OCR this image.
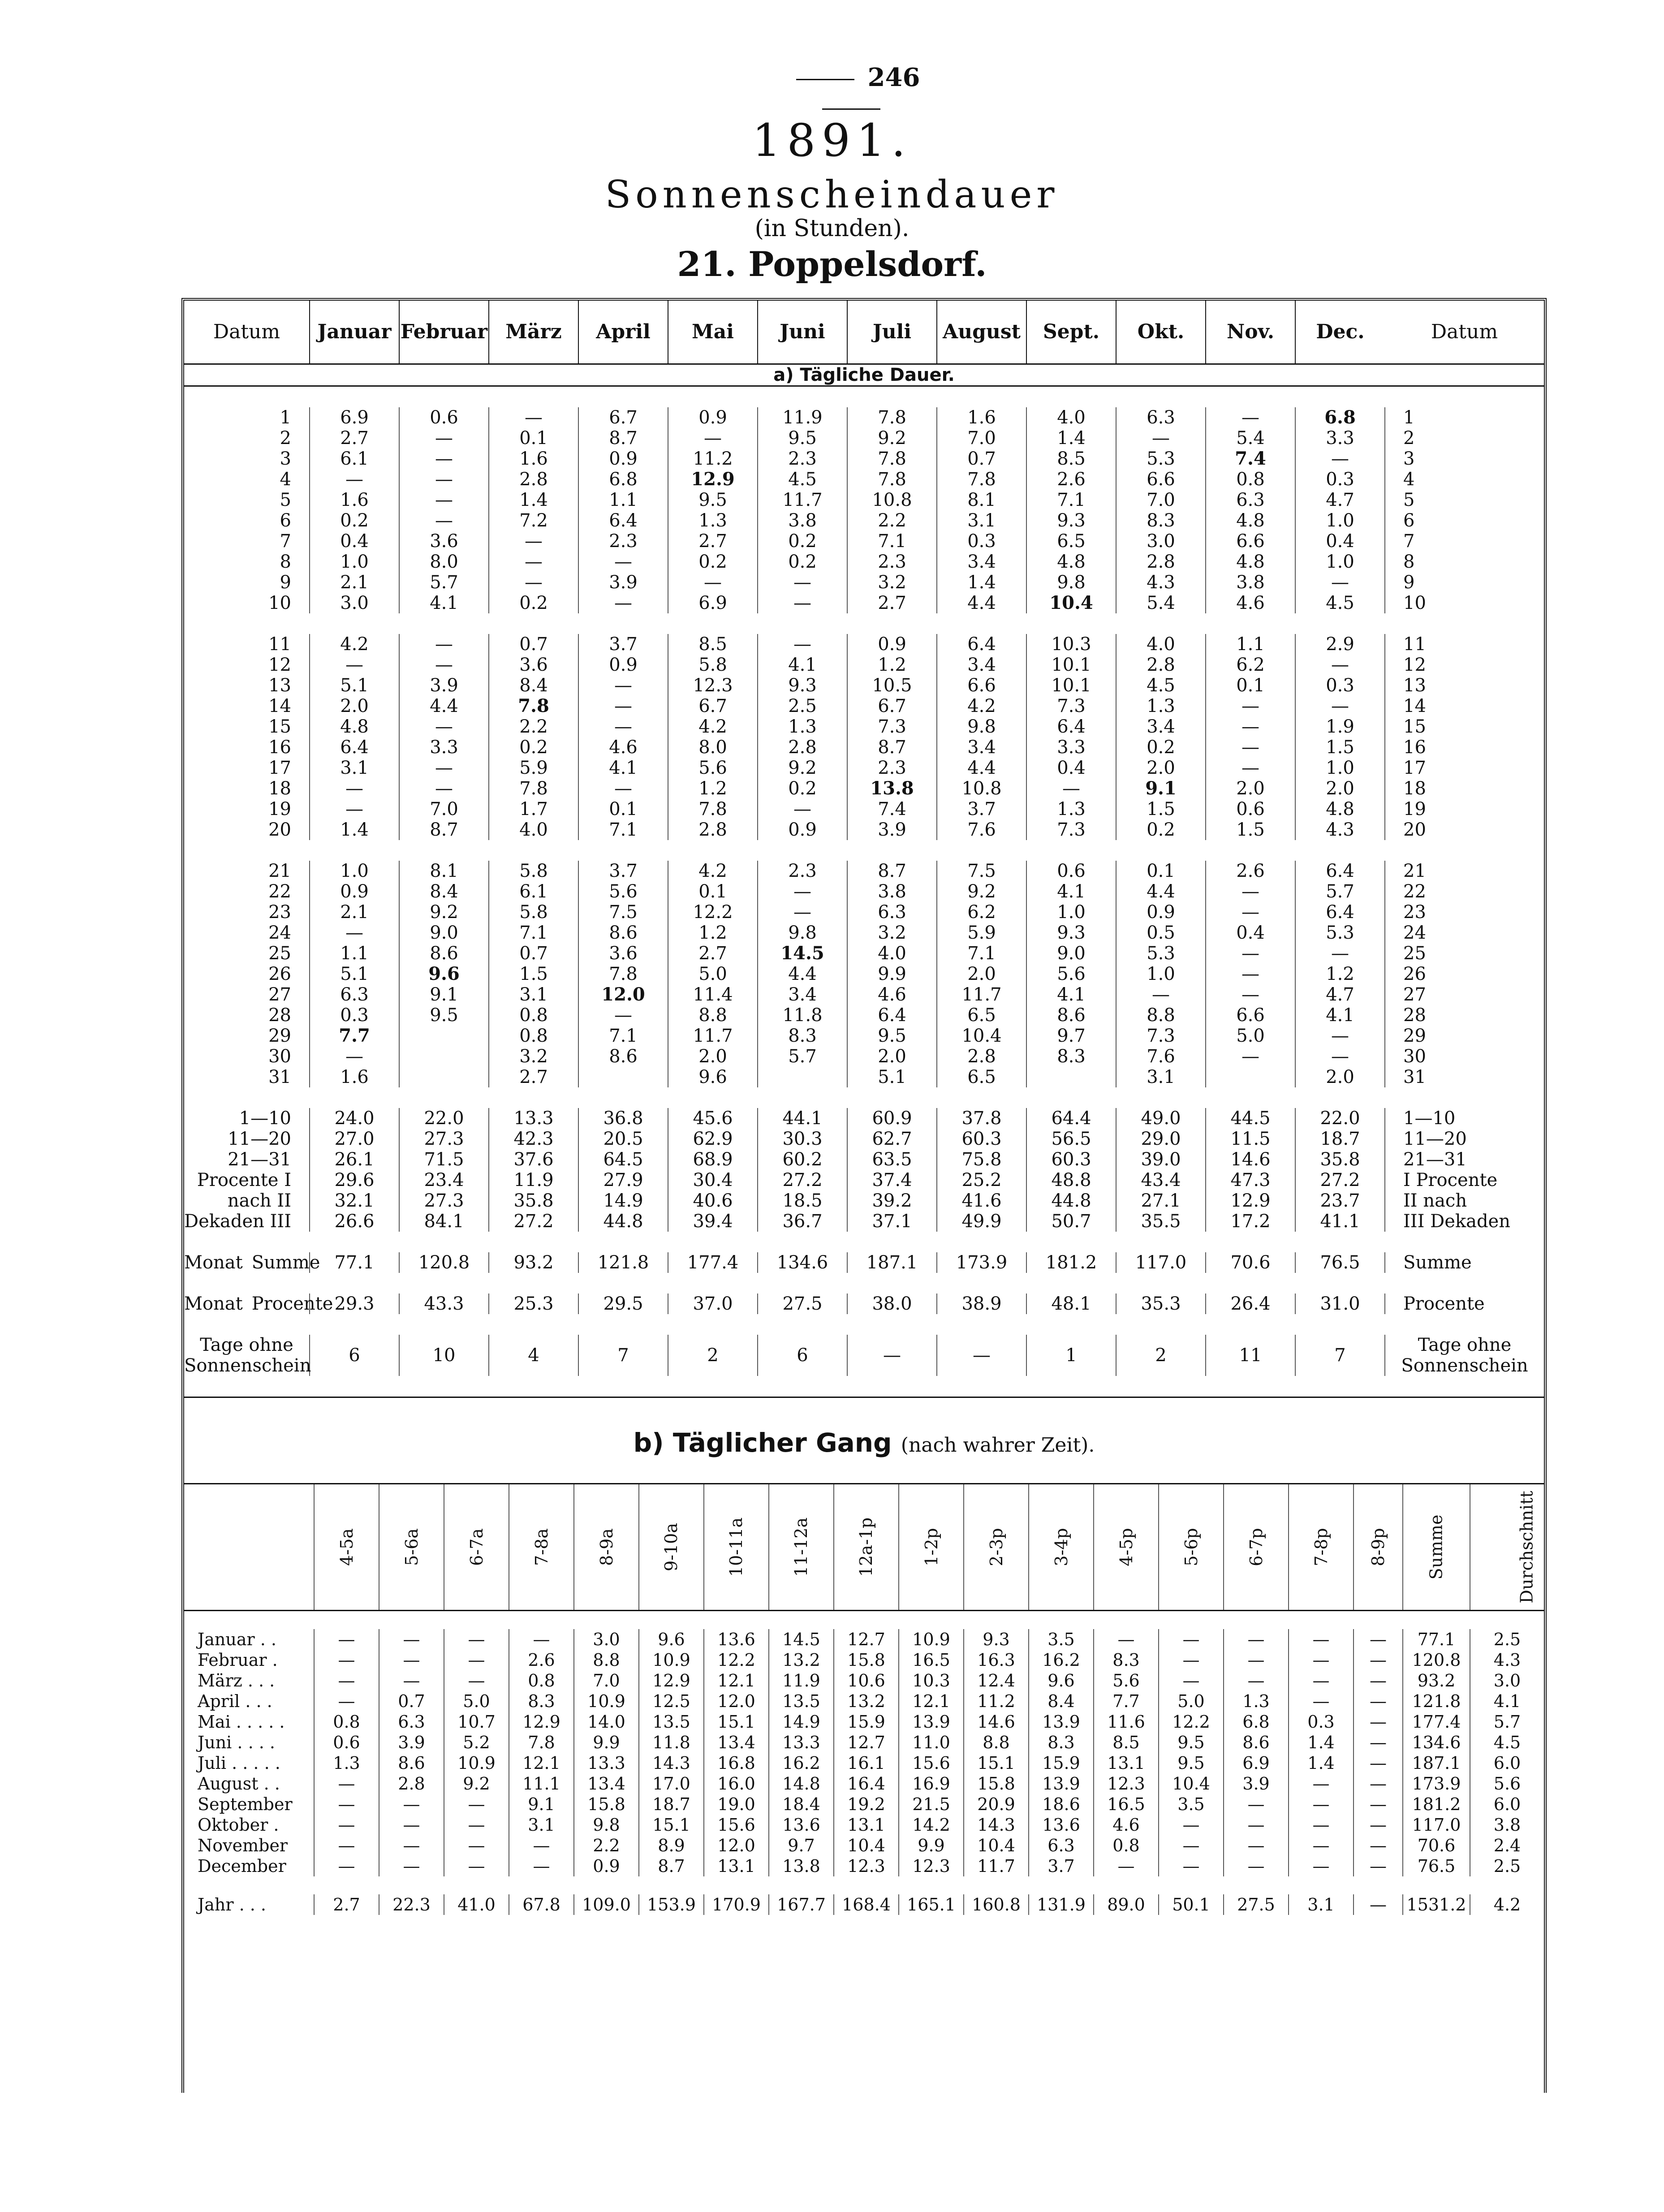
246
1891.
Sonnenscheindauer
(in Stunden).
21. Poppelsdorf.
Datum	Januar	Februar	März	April	Mai	Juni	Juli	August	Sept.	Okt.	Nov.	Dec.	Datum
a) Tägliche Dauer.													

1	6.9	0.6	—	6.7	0.9	11.9	7.8	1.6	4.0	6.3	—	6.8	1
2	2.7	—	0.1	8.7	—	9.5	9.2	7.0	1.4	—	5.4	3.3	2
3	6.1	—	1.6	0.9	11.2	2.3	7.8	0.7	8.5	5.3	7.4	—	3
4	—	—	2.8	6.8	12.9	4.5	7.8	7.8	2.6	6.6	0.8	0.3	4
5	1.6	—	1.4	1.1	9.5	11.7	10.8	8.1	7.1	7.0	6.3	4.7	5
6	0.2	—	7.2	6.4	1.3	3.8	2.2	3.1	9.3	8.3	4.8	1.0	6
7	0.4	3.6	—	2.3	2.7	0.2	7.1	0.3	6.5	3.0	6.6	0.4	7
8	1.0	8.0	—	—	0.2	0.2	2.3	3.4	4.8	2.8	4.8	1.0	8
9	2.1	5.7	—	3.9	—	—	3.2	1.4	9.8	4.3	3.8	—	9
10	3.0	4.1	0.2	—	6.9	—	2.7	4.4	10.4	5.4	4.6	4.5	10

11	4.2	—	0.7	3.7	8.5	—	0.9	6.4	10.3	4.0	1.1	2.9	11
12	—	—	3.6	0.9	5.8	4.1	1.2	3.4	10.1	2.8	6.2	—	12
13	5.1	3.9	8.4	—	12.3	9.3	10.5	6.6	10.1	4.5	0.1	0.3	13
14	2.0	4.4	7.8	—	6.7	2.5	6.7	4.2	7.3	1.3	—	—	14
15	4.8	—	2.2	—	4.2	1.3	7.3	9.8	6.4	3.4	—	1.9	15
16	6.4	3.3	0.2	4.6	8.0	2.8	8.7	3.4	3.3	0.2	—	1.5	16
17	3.1	—	5.9	4.1	5.6	9.2	2.3	4.4	0.4	2.0	—	1.0	17
18	—	—	7.8	—	1.2	0.2	13.8	10.8	—	9.1	2.0	2.0	18
19	—	7.0	1.7	0.1	7.8	—	7.4	3.7	1.3	1.5	0.6	4.8	19
20	1.4	8.7	4.0	7.1	2.8	0.9	3.9	7.6	7.3	0.2	1.5	4.3	20

21	1.0	8.1	5.8	3.7	4.2	2.3	8.7	7.5	0.6	0.1	2.6	6.4	21
22	0.9	8.4	6.1	5.6	0.1	—	3.8	9.2	4.1	4.4	—	5.7	22
23	2.1	9.2	5.8	7.5	12.2	—	6.3	6.2	1.0	0.9	—	6.4	23
24	—	9.0	7.1	8.6	1.2	9.8	3.2	5.9	9.3	0.5	0.4	5.3	24
25	1.1	8.6	0.7	3.6	2.7	14.5	4.0	7.1	9.0	5.3	—	—	25
26	5.1	9.6	1.5	7.8	5.0	4.4	9.9	2.0	5.6	1.0	—	1.2	26
27	6.3	9.1	3.1	12.0	11.4	3.4	4.6	11.7	4.1	—	—	4.7	27
28	0.3	9.5	0.8	—	8.8	11.8	6.4	6.5	8.6	8.8	6.6	4.1	28
29	7.7		0.8	7.1	11.7	8.3	9.5	10.4	9.7	7.3	5.0	—	29
30	—		3.2	8.6	2.0	5.7	2.0	2.8	8.3	7.6	—	—	30
31	1.6		2.7		9.6		5.1	6.5		3.1		2.0	31

1—10	24.0	22.0	13.3	36.8	45.6	44.1	60.9	37.8	64.4	49.0	44.5	22.0	1—10
11—20	27.0	27.3	42.3	20.5	62.9	30.3	62.7	60.3	56.5	29.0	11.5	18.7	11—20
21—31	26.1	71.5	37.6	64.5	68.9	60.2	63.5	75.8	60.3	39.0	14.6	35.8	21—31
Procente I	29.6	23.4	11.9	27.9	30.4	27.2	37.4	25.2	48.8	43.4	47.3	27.2	I Procente
nach II	32.1	27.3	35.8	14.9	40.6	18.5	39.2	41.6	44.8	27.1	12.9	23.7	II nach
Dekaden III	26.6	84.1	27.2	44.8	39.4	36.7	37.1	49.9	50.7	35.5	17.2	41.1	III Dekaden

Monat Summe	77.1	120.8	93.2	121.8	177.4	134.6	187.1	173.9	181.2	117.0	70.6	76.5	Summe

Monat Procente	29.3	43.3	25.3	29.5	37.0	27.5	38.0	38.9	48.1	35.3	26.4	31.0	Procente

Tage ohne Sonnenschein	6	10	4	7	2	6	—	—	1	2	11	7	Tage ohne Sonnenschein

b) Täglicher Gang (nach wahrer Zeit).
	4-5a	5-6a	6-7a	7-8a	8-9a	9-10a	10-11a	11-12a	12a-1p	1-2p	2-3p	3-4p	4-5p	5-6p	6-7p	7-8p	8-9p	Summe	Durchschnitt

Januar . .	—	—	—	—	3.0	9.6	13.6	14.5	12.7	10.9	9.3	3.5	—	—	—	—	—	77.1	2.5
Februar .	—	—	—	2.6	8.8	10.9	12.2	13.2	15.8	16.5	16.3	16.2	8.3	—	—	—	—	120.8	4.3
März . . .	—	—	—	0.8	7.0	12.9	12.1	11.9	10.6	10.3	12.4	9.6	5.6	—	—	—	—	93.2	3.0
April . . .	—	0.7	5.0	8.3	10.9	12.5	12.0	13.5	13.2	12.1	11.2	8.4	7.7	5.0	1.3	—	—	121.8	4.1
Mai . . . . .	0.8	6.3	10.7	12.9	14.0	13.5	15.1	14.9	15.9	13.9	14.6	13.9	11.6	12.2	6.8	0.3	—	177.4	5.7
Juni . . . .	0.6	3.9	5.2	7.8	9.9	11.8	13.4	13.3	12.7	11.0	8.8	8.3	8.5	9.5	8.6	1.4	—	134.6	4.5
Juli . . . . .	1.3	8.6	10.9	12.1	13.3	14.3	16.8	16.2	16.1	15.6	15.1	15.9	13.1	9.5	6.9	1.4	—	187.1	6.0
August . .	—	2.8	9.2	11.1	13.4	17.0	16.0	14.8	16.4	16.9	15.8	13.9	12.3	10.4	3.9	—	—	173.9	5.6
September	—	—	—	9.1	15.8	18.7	19.0	18.4	19.2	21.5	20.9	18.6	16.5	3.5	—	—	—	181.2	6.0
Oktober .	—	—	—	3.1	9.8	15.1	15.6	13.6	13.1	14.2	14.3	13.6	4.6	—	—	—	—	117.0	3.8
November	—	—	—	—	2.2	8.9	12.0	9.7	10.4	9.9	10.4	6.3	0.8	—	—	—	—	70.6	2.4
December	—	—	—	—	0.9	8.7	13.1	13.8	12.3	12.3	11.7	3.7	—	—	—	—	—	76.5	2.5

Jahr . . .	2.7	22.3	41.0	67.8	109.0	153.9	170.9	167.7	168.4	165.1	160.8	131.9	89.0	50.1	27.5	3.1	—	1531.2	4.2
